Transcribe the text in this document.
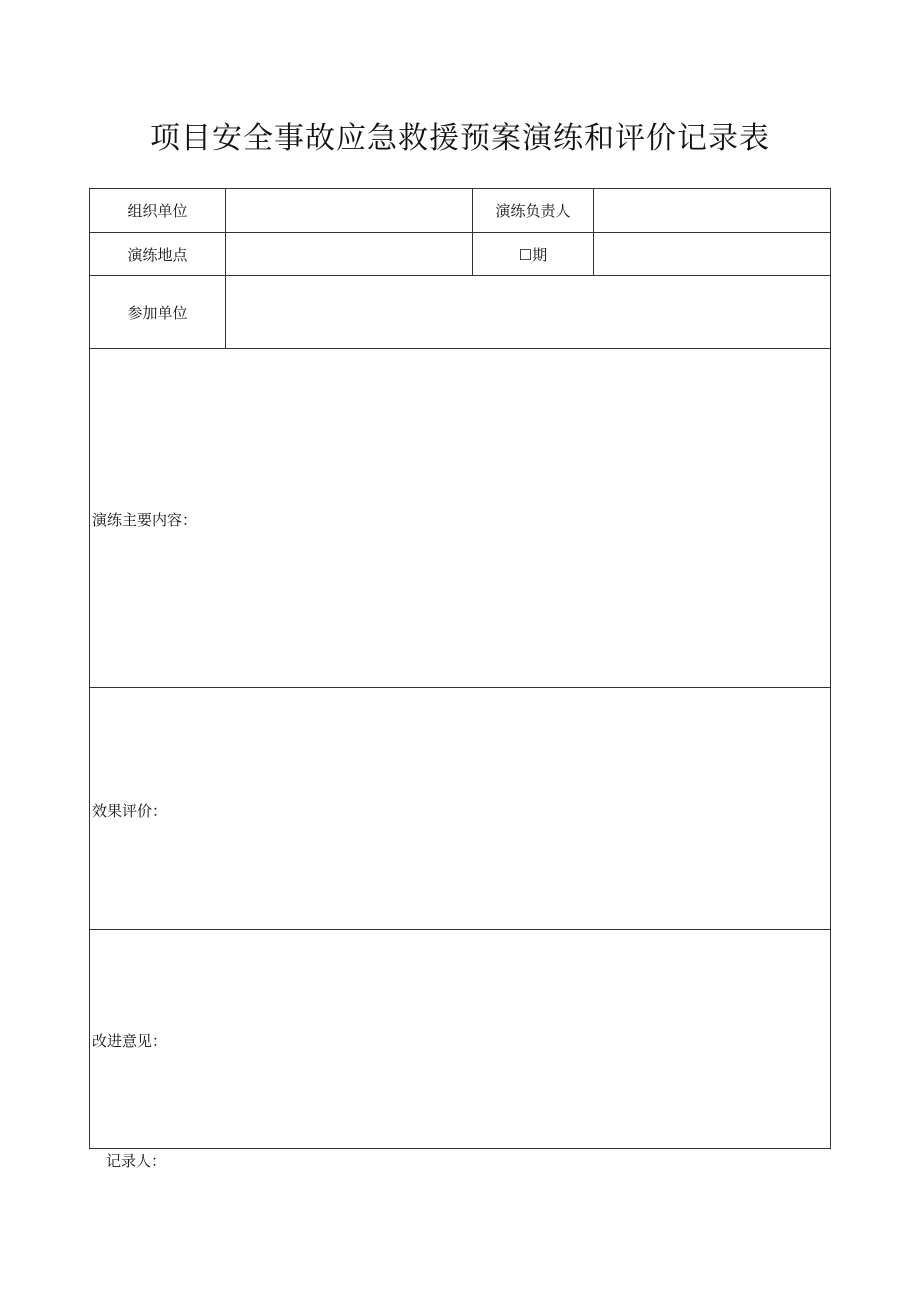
项目安全事故应急救援预案演练和评价记录表
组织单位		演练负责人	
演练地点		☐期	
参加单位			

演练主要内容：			

效果评价：			

改进意见：			
记录人：
